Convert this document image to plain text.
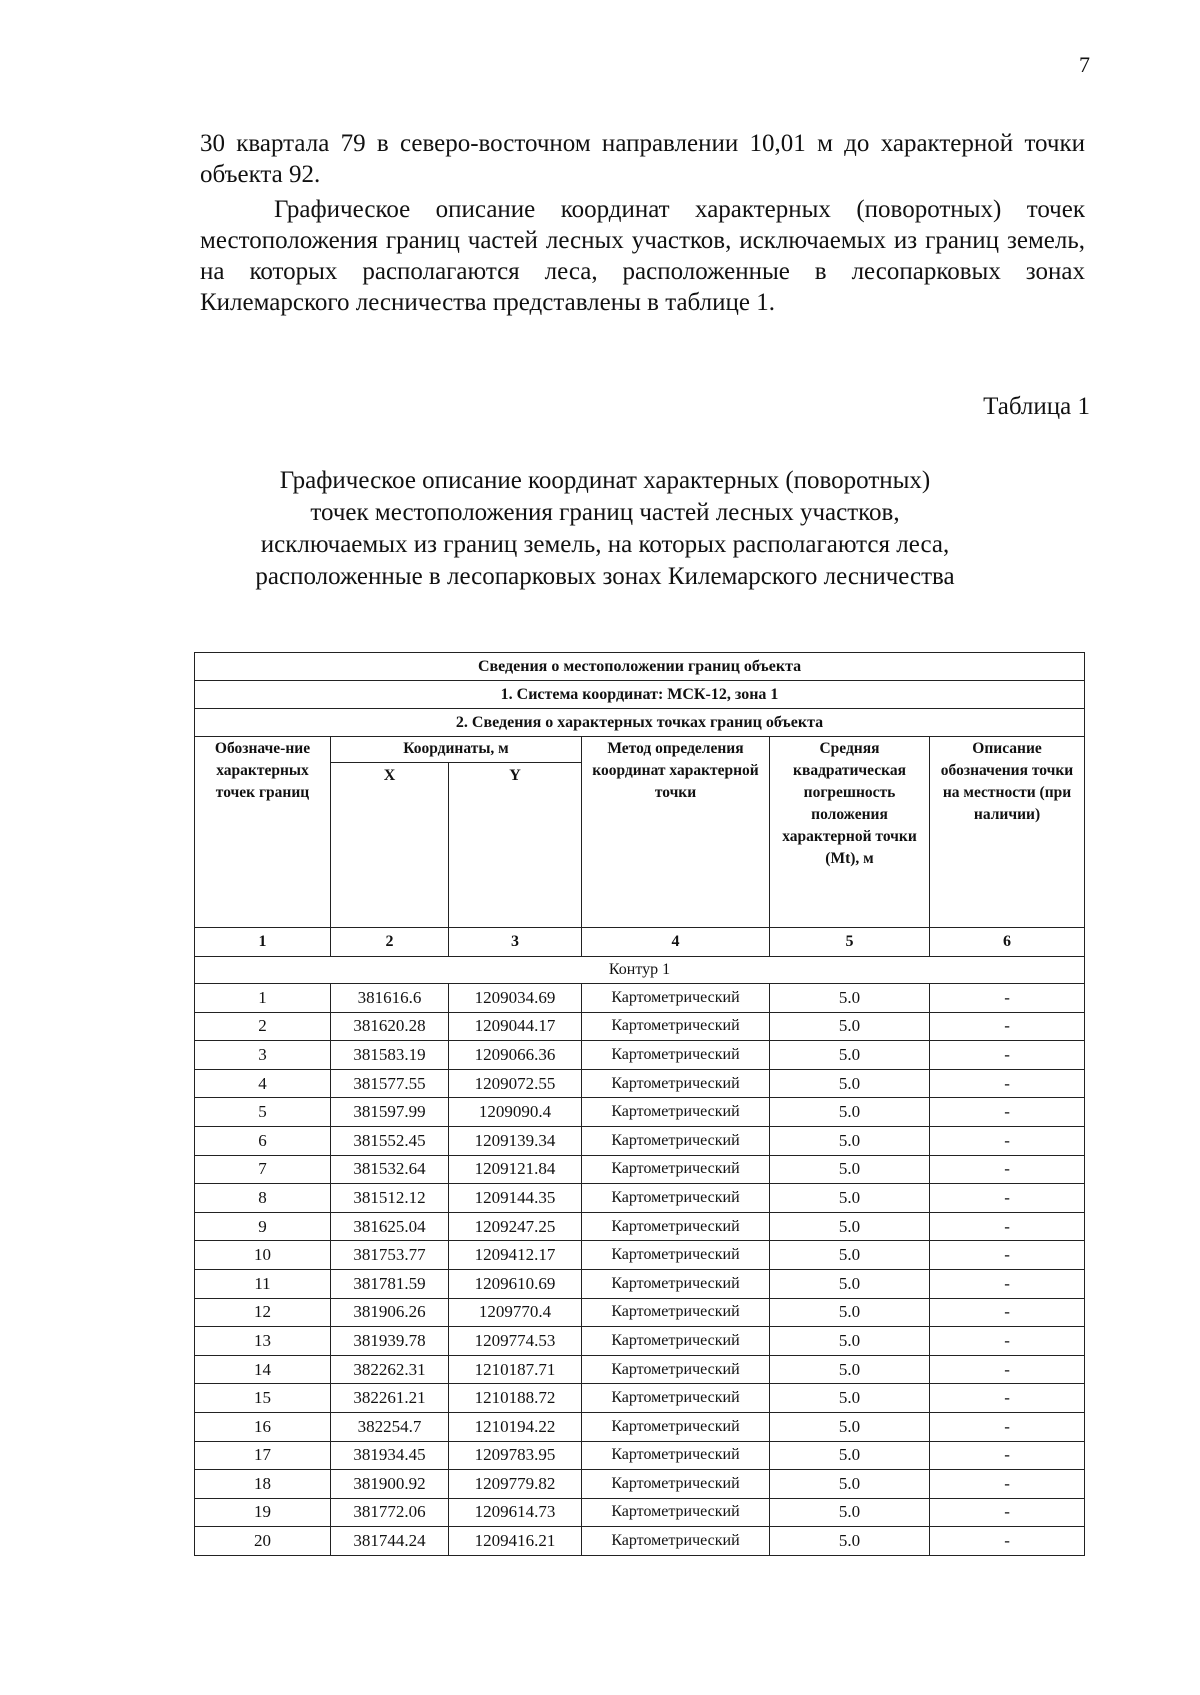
7

30 квартала 79 в северо-восточном направлении 10,01 м до характерной точки объекта 92.

Графическое описание координат характерных (поворотных) точек местоположения границ частей лесных участков, исключаемых из границ земель, на которых располагаются леса, расположенные в лесопарковых зонах Килемарского лесничества представлены в таблице 1.

Таблица 1
Графическое описание координат характерных (поворотных)
точек местоположения границ частей лесных участков,
исключаемых из границ земель, на которых располагаются леса,
расположенные в лесопарковых зонах Килемарского лесничества
Сведения о местоположении границ объекта					
1. Система координат: МСК-12, зона 1					
2. Сведения о характерных точках границ объекта					
Обозначе-ние характерных точек границ	Координаты, м		Метод определения координат характерной точки	Средняя квадратическая погрешность положения характерной точки (Mt), м	Описание обозначения точки на местности (при наличии)
	X	Y			
1	2	3	4	5	6
Контур 1					
1	381616.6	1209034.69	Картометрический	5.0	-
2	381620.28	1209044.17	Картометрический	5.0	-
3	381583.19	1209066.36	Картометрический	5.0	-
4	381577.55	1209072.55	Картометрический	5.0	-
5	381597.99	1209090.4	Картометрический	5.0	-
6	381552.45	1209139.34	Картометрический	5.0	-
7	381532.64	1209121.84	Картометрический	5.0	-
8	381512.12	1209144.35	Картометрический	5.0	-
9	381625.04	1209247.25	Картометрический	5.0	-
10	381753.77	1209412.17	Картометрический	5.0	-
11	381781.59	1209610.69	Картометрический	5.0	-
12	381906.26	1209770.4	Картометрический	5.0	-
13	381939.78	1209774.53	Картометрический	5.0	-
14	382262.31	1210187.71	Картометрический	5.0	-
15	382261.21	1210188.72	Картометрический	5.0	-
16	382254.7	1210194.22	Картометрический	5.0	-
17	381934.45	1209783.95	Картометрический	5.0	-
18	381900.92	1209779.82	Картометрический	5.0	-
19	381772.06	1209614.73	Картометрический	5.0	-
20	381744.24	1209416.21	Картометрический	5.0	-
